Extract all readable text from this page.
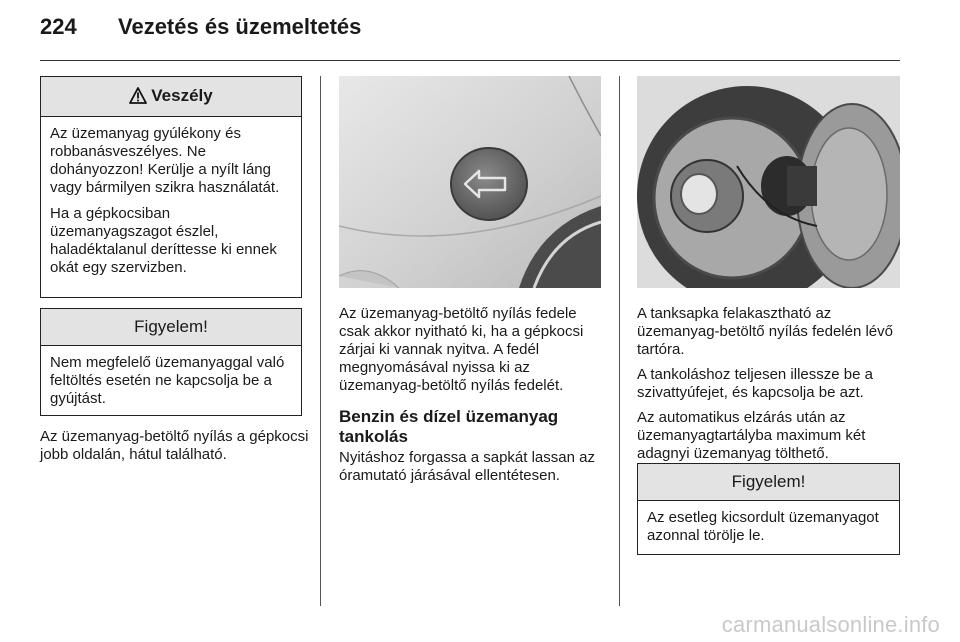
224 Vezetés és üzemeltetés
Veszély

Az üzemanyag gyúlékony és robbanásveszélyes. Ne dohányozzon! Kerülje a nyílt láng vagy bármilyen szikra használatát.

Ha a gépkocsiban üzemanyagszagot észlel, haladéktalanul deríttesse ki ennek okát egy szervizben.

Figyelem!
Nem megfelelő üzemanyaggal való feltöltés esetén ne kapcsolja be a gyújtást.
Az üzemanyag-betöltő nyílás a gépkocsi jobb oldalán, hátul található.
Az üzemanyag-betöltő nyílás fedele csak akkor nyitható ki, ha a gépkocsi zárjai ki vannak nyitva. A fedél megnyomásával nyissa ki az üzemanyag-betöltő nyílás fedelét.
Benzin és dízel üzemanyag tankolás
Nyitáshoz forgassa a sapkát lassan az óramutató járásával ellentétesen.

A tanksapka felakasztható az üzemanyag-betöltő nyílás fedelén lévő tartóra.

A tankoláshoz teljesen illessze be a szivattyúfejet, és kapcsolja be azt.

Az automatikus elzárás után az üzemanyagtartályba maximum két adagnyi üzemanyag tölthető.

Figyelem!
Az esetleg kicsordult üzemanyagot azonnal törölje le.
carmanualsonline.info
